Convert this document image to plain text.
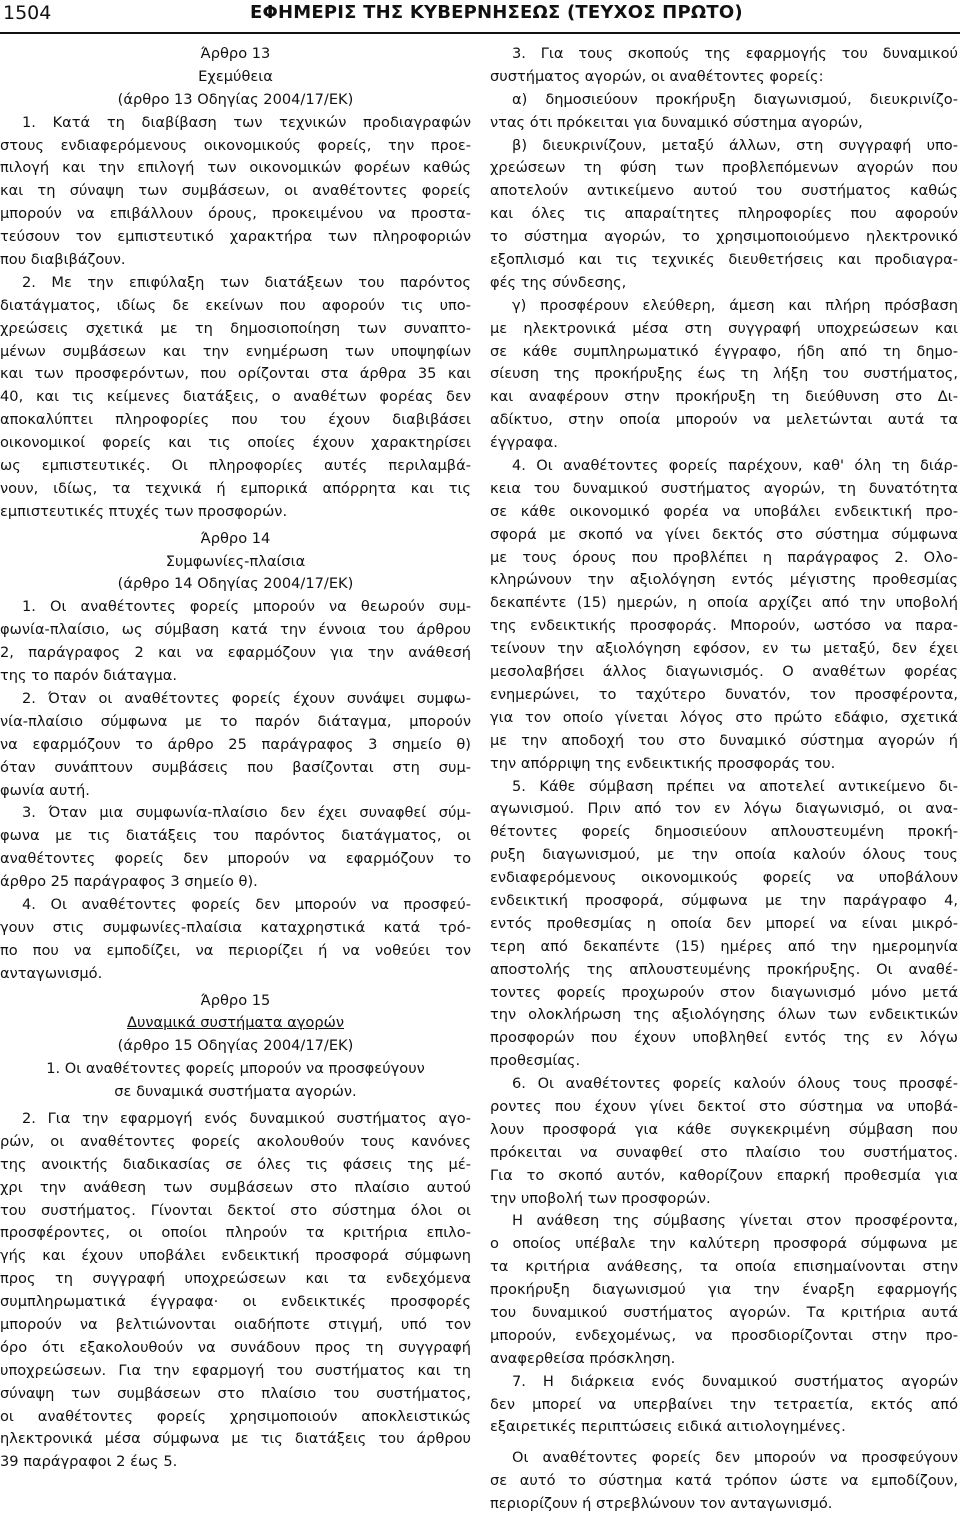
1504	ΕΦΗΜΕΡΙΣ ΤΗΣ ΚΥΒΕΡΝΗΣΕΩΣ (ΤΕΥΧΟΣ ΠΡΩΤΟ)
Άρθρο 13
Εχεμύθεια
(άρθρο 13 Οδηγίας 2004/17/ΕΚ)
1. Κατά τη διαβίβαση των τεχνικών προδιαγραφών
στους ενδιαφερόμενους οικονομικούς φορείς, την προε-
πιλογή και την επιλογή των οικονομικών φορέων καθώς
και τη σύναψη των συμβάσεων, οι αναθέτοντες φορείς
μπορούν να επιβάλλουν όρους, προκειμένου να προστα-
τεύσουν τον εμπιστευτικό χαρακτήρα των πληροφοριών
που διαβιβάζουν.
2. Με την επιφύλαξη των διατάξεων του παρόντος
διατάγματος, ιδίως δε εκείνων που αφορούν τις υπο-
χρεώσεις σχετικά με τη δημοσιοποίηση των συναπτο-
μένων συμβάσεων και την ενημέρωση των υποψηφίων
και των προσφερόντων, που ορίζονται στα άρθρα 35 και
40, και τις κείμενες διατάξεις, ο αναθέτων φορέας δεν
αποκαλύπτει πληροφορίες που του έχουν διαβιβάσει
οικονομικοί φορείς και τις οποίες έχουν χαρακτηρίσει
ως εμπιστευτικές. Οι πληροφορίες αυτές περιλαμβά-
νουν, ιδίως, τα τεχνικά ή εμπορικά απόρρητα και τις
εμπιστευτικές πτυχές των προσφορών.
Άρθρο 14
Συμφωνίες-πλαίσια
(άρθρο 14 Οδηγίας 2004/17/ΕΚ)
1. Οι αναθέτοντες φορείς μπορούν να θεωρούν συμ-
φωνία-πλαίσιο, ως σύμβαση κατά την έννοια του άρθρου
2, παράγραφος 2 και να εφαρμόζουν για την ανάθεσή
της το παρόν διάταγμα.
2. Όταν οι αναθέτοντες φορείς έχουν συνάψει συμφω-
νία-πλαίσιο σύμφωνα με το παρόν διάταγμα, μπορούν
να εφαρμόζουν το άρθρο 25 παράγραφος 3 σημείο θ)
όταν συνάπτουν συμβάσεις που βασίζονται στη συμ-
φωνία αυτή.
3. Όταν μια συμφωνία-πλαίσιο δεν έχει συναφθεί σύμ-
φωνα με τις διατάξεις του παρόντος διατάγματος, οι
αναθέτοντες φορείς δεν μπορούν να εφαρμόζουν το
άρθρο 25 παράγραφος 3 σημείο θ).
4. Οι αναθέτοντες φορείς δεν μπορούν να προσφεύ-
γουν στις συμφωνίες-πλαίσια καταχρηστικά κατά τρό-
πο που να εμποδίζει, να περιορίζει ή να νοθεύει τον
ανταγωνισμό.
Άρθρο 15
Δυναμικά συστήματα αγορών
(άρθρο 15 Οδηγίας 2004/17/ΕΚ)
1. Οι αναθέτοντες φορείς μπορούν να προσφεύγουν
σε δυναμικά συστήματα αγορών.
2. Για την εφαρμογή ενός δυναμικού συστήματος αγο-
ρών, οι αναθέτοντες φορείς ακολουθούν τους κανόνες
της ανοικτής διαδικασίας σε όλες τις φάσεις της μέ-
χρι την ανάθεση των συμβάσεων στο πλαίσιο αυτού
του συστήματος. Γίνονται δεκτοί στο σύστημα όλοι οι
προσφέροντες, οι οποίοι πληρούν τα κριτήρια επιλο-
γής και έχουν υποβάλει ενδεικτική προσφορά σύμφωνη
προς τη συγγραφή υποχρεώσεων και τα ενδεχόμενα
συμπληρωματικά έγγραφα· οι ενδεικτικές προσφορές
μπορούν να βελτιώνονται οιαδήποτε στιγμή, υπό τον
όρο ότι εξακολουθούν να συνάδουν προς τη συγγραφή
υποχρεώσεων. Για την εφαρμογή του συστήματος και τη
σύναψη των συμβάσεων στο πλαίσιο του συστήματος,
οι αναθέτοντες φορείς χρησιμοποιούν αποκλειστικώς
ηλεκτρονικά μέσα σύμφωνα με τις διατάξεις του άρθρου
39 παράγραφοι 2 έως 5.
3. Για τους σκοπούς της εφαρμογής του δυναμικού
συστήματος αγορών, οι αναθέτοντες φορείς:
α) δημοσιεύουν προκήρυξη διαγωνισμού, διευκρινίζο-
ντας ότι πρόκειται για δυναμικό σύστημα αγορών,
β) διευκρινίζουν, μεταξύ άλλων, στη συγγραφή υπο-
χρεώσεων τη φύση των προβλεπόμενων αγορών που
αποτελούν αντικείμενο αυτού του συστήματος καθώς
και όλες τις απαραίτητες πληροφορίες που αφορούν
το σύστημα αγορών, το χρησιμοποιούμενο ηλεκτρονικό
εξοπλισμό και τις τεχνικές διευθετήσεις και προδιαγρα-
φές της σύνδεσης,
γ) προσφέρουν ελεύθερη, άμεση και πλήρη πρόσβαση
με ηλεκτρονικά μέσα στη συγγραφή υποχρεώσεων και
σε κάθε συμπληρωματικό έγγραφο, ήδη από τη δημο-
σίευση της προκήρυξης έως τη λήξη του συστήματος,
και αναφέρουν στην προκήρυξη τη διεύθυνση στο Δι-
αδίκτυο, στην οποία μπορούν να μελετώνται αυτά τα
έγγραφα.
4. Οι αναθέτοντες φορείς παρέχουν, καθ' όλη τη διάρ-
κεια του δυναμικού συστήματος αγορών, τη δυνατότητα
σε κάθε οικονομικό φορέα να υποβάλει ενδεικτική προ-
σφορά με σκοπό να γίνει δεκτός στο σύστημα σύμφωνα
με τους όρους που προβλέπει η παράγραφος 2. Ολο-
κληρώνουν την αξιολόγηση εντός μέγιστης προθεσμίας
δεκαπέντε (15) ημερών, η οποία αρχίζει από την υποβολή
της ενδεικτικής προσφοράς. Μπορούν, ωστόσο να παρα-
τείνουν την αξιολόγηση εφόσον, εν τω μεταξύ, δεν έχει
μεσολαβήσει άλλος διαγωνισμός. Ο αναθέτων φορέας
ενημερώνει, το ταχύτερο δυνατόν, τον προσφέροντα,
για τον οποίο γίνεται λόγος στο πρώτο εδάφιο, σχετικά
με την αποδοχή του στο δυναμικό σύστημα αγορών ή
την απόρριψη της ενδεικτικής προσφοράς του.
5. Κάθε σύμβαση πρέπει να αποτελεί αντικείμενο δι-
αγωνισμού. Πριν από τον εν λόγω διαγωνισμό, οι ανα-
θέτοντες φορείς δημοσιεύουν απλουστευμένη προκή-
ρυξη διαγωνισμού, με την οποία καλούν όλους τους
ενδιαφερόμενους οικονομικούς φορείς να υποβάλουν
ενδεικτική προσφορά, σύμφωνα με την παράγραφο 4,
εντός προθεσμίας η οποία δεν μπορεί να είναι μικρό-
τερη από δεκαπέντε (15) ημέρες από την ημερομηνία
αποστολής της απλουστευμένης προκήρυξης. Οι αναθέ-
τοντες φορείς προχωρούν στον διαγωνισμό μόνο μετά
την ολοκλήρωση της αξιολόγησης όλων των ενδεικτικών
προσφορών που έχουν υποβληθεί εντός της εν λόγω
προθεσμίας.
6. Οι αναθέτοντες φορείς καλούν όλους τους προσφέ-
ροντες που έχουν γίνει δεκτοί στο σύστημα να υποβά-
λουν προσφορά για κάθε συγκεκριμένη σύμβαση που
πρόκειται να συναφθεί στο πλαίσιο του συστήματος.
Για το σκοπό αυτόν, καθορίζουν επαρκή προθεσμία για
την υποβολή των προσφορών.
Η ανάθεση της σύμβασης γίνεται στον προσφέροντα,
ο οποίος υπέβαλε την καλύτερη προσφορά σύμφωνα με
τα κριτήρια ανάθεσης, τα οποία επισημαίνονται στην
προκήρυξη διαγωνισμού για την έναρξη εφαρμογής
του δυναμικού συστήματος αγορών. Τα κριτήρια αυτά
μπορούν, ενδεχομένως, να προσδιορίζονται στην προ-
αναφερθείσα πρόσκληση.
7. Η διάρκεια ενός δυναμικού συστήματος αγορών
δεν μπορεί να υπερβαίνει την τετραετία, εκτός από
εξαιρετικές περιπτώσεις ειδικά αιτιολογημένες.
Οι αναθέτοντες φορείς δεν μπορούν να προσφεύγουν
σε αυτό το σύστημα κατά τρόπον ώστε να εμποδίζουν,
περιορίζουν ή στρεβλώνουν τον ανταγωνισμό.
